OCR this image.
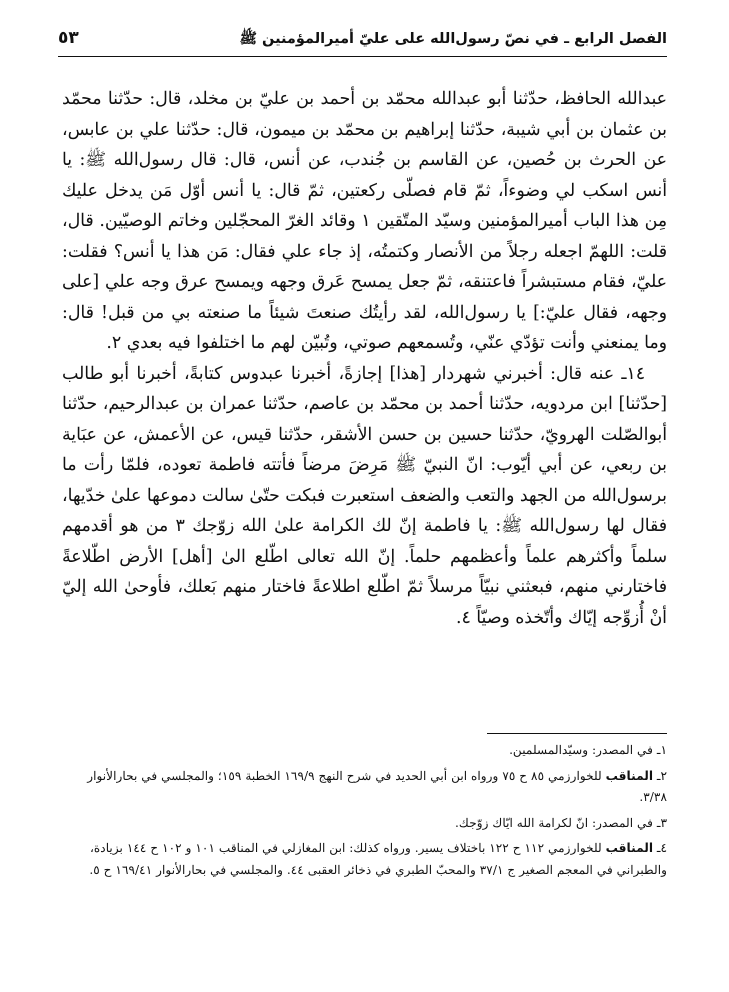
الفصل الرابع ـ في نصّ رسول‌الله على عليّ أميرالمؤمنين ﷺ
٥٣

عبدالله الحافظ، حدّثنا أبو عبدالله محمّد بن أحمد بن عليّ بن مخلد، قال: حدّثنا محمّد بن عثمان بن أبي شيبة، حدّثنا إبراهيم بن محمّد بن ميمون، قال: حدّثنا علي بن عابس، عن الحرث بن حُصين، عن القاسم بن جُندب، عن أنس، قال: قال رسول‌الله ﷺ: يا أنس اسكب لي وضوءاً، ثمّ قام فصلّى ركعتين، ثمّ قال: يا أنس أوّل مَن يدخل عليك مِن هذا الباب أميرالمؤمنين وسيّد المتّقين ١ وقائد الغرّ المحجّلين وخاتم الوصيّين. قال، قلت: اللهمّ اجعله رجلاً من الأنصار وكتمتُه، إذ جاء علي فقال: مَن هذا يا أنس؟ فقلت: عليّ، فقام مستبشراً فاعتنقه، ثمّ جعل يمسح عَرق وجهه ويمسح عرق وجه علي [على وجهه، فقال عليّ:] يا رسول‌الله، لقد رأيتُك صنعتَ شيئاً ما صنعته بي من قبل! قال: وما يمنعني وأنت تؤدّي عنّي، وتُسمعهم صوتي، وتُبيّن لهم ما اختلفوا فيه بعدي ٢.

١٤ـ عنه قال: أخبرني شهردار [هذا] إجازةً، أخبرنا عبدوس كتابةً، أخبرنا أبو طالب [حدّثنا] ابن مردويه، حدّثنا أحمد بن محمّد بن عاصم، حدّثنا عمران بن عبدالرحيم، حدّثنا أبوالصّلت الهرويّ، حدّثنا حسين بن حسن الأشقر، حدّثنا قيس، عن الأعمش، عن عبَاية بن ربعي، عن أبي أيّوب: انّ النبيّ ﷺ مَرِضَ مرضاً فأتته فاطمة تعوده، فلمّا رأت ما برسول‌الله من الجهد والتعب والضعف استعبرت فبكت حتّىٰ سالت دموعها علىٰ خدّيها، فقال لها رسول‌الله ﷺ: يا فاطمة إنّ لك الكرامة علىٰ الله زوّجك ٣ من هو أقدمهم سلماً وأكثرهم علماً وأعظمهم حلماً. إنّ الله تعالى اطّلع الىٰ [أهل] الأرض اطّلاعةً فاختارني منهم، فبعثني نبيّاً مرسلاً ثمّ اطّلع اطلاعةً فاختار منهم بَعلك، فأوحىٰ الله إليّ أنْ أُزوِّجه إيّاك وأتّخذه وصيّاً ٤.

١ـ في المصدر: وسيّدالمسلمين.

٢ـ المناقب للخوارزمي ٨٥ ح ٧٥ ورواه ابن أبي الحديد في شرح النهج ١٦٩/٩ الخطبة ١٥٩؛ والمجلسي في بحارالأنوار ٣/٣٨.

٣ـ في المصدر: انّ لكرامة الله ايّاك زوّجك.

٤ـ المناقب للخوارزمي ١١٢ ح ١٢٢ باختلاف يسير. ورواه كذلك: ابن المغازلي في المناقب ١٠١ و ١٠٢ ح ١٤٤ بزيادة، والطبراني في المعجم الصغير ج ٣٧/١ والمحبّ الطبري في ذخائر العقبى ٤٤. والمجلسي في بحارالأنوار ١٦٩/٤١ ح ٥.
